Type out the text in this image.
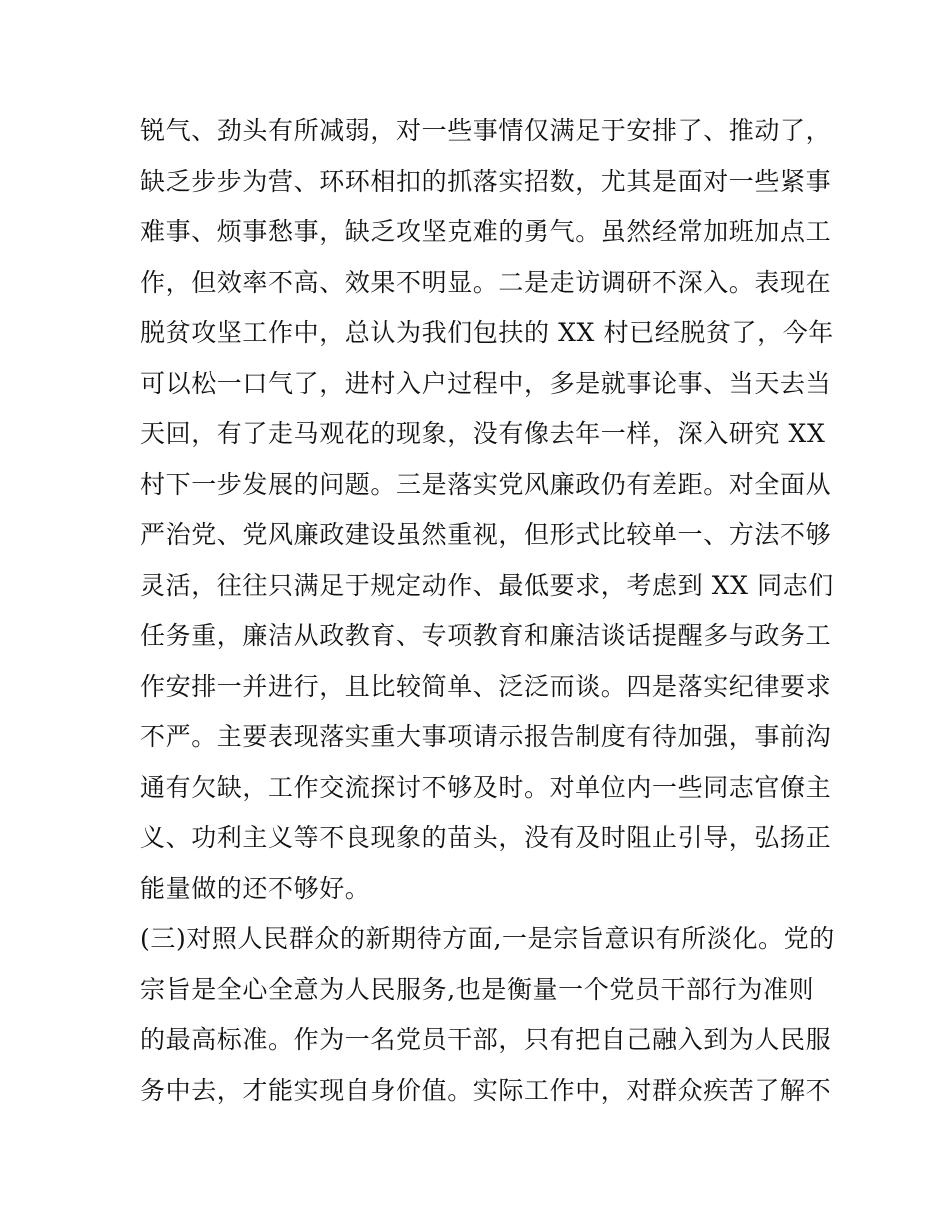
锐气、劲头有所减弱，对一些事情仅满足于安排了、推动了，
缺乏步步为营、环环相扣的抓落实招数，尤其是面对一些紧事
难事、烦事愁事，缺乏攻坚克难的勇气。虽然经常加班加点工
作，但效率不高、效果不明显。二是走访调研不深入。表现在
脱贫攻坚工作中，总认为我们包扶的 XX 村已经脱贫了，今年
可以松一口气了，进村入户过程中，多是就事论事、当天去当
天回，有了走马观花的现象，没有像去年一样，深入研究 XX
村下一步发展的问题。三是落实党风廉政仍有差距。对全面从
严治党、党风廉政建设虽然重视，但形式比较单一、方法不够
灵活，往往只满足于规定动作、最低要求，考虑到 XX 同志们
任务重，廉洁从政教育、专项教育和廉洁谈话提醒多与政务工
作安排一并进行，且比较简单、泛泛而谈。四是落实纪律要求
不严。主要表现落实重大事项请示报告制度有待加强，事前沟
通有欠缺，工作交流探讨不够及时。对单位内一些同志官僚主
义、功利主义等不良现象的苗头，没有及时阻止引导，弘扬正
能量做的还不够好。
(三)对照人民群众的新期待方面,一是宗旨意识有所淡化。党的
宗旨是全心全意为人民服务,也是衡量一个党员干部行为准则
的最高标准。作为一名党员干部，只有把自己融入到为人民服
务中去，才能实现自身价值。实际工作中，对群众疾苦了解不
